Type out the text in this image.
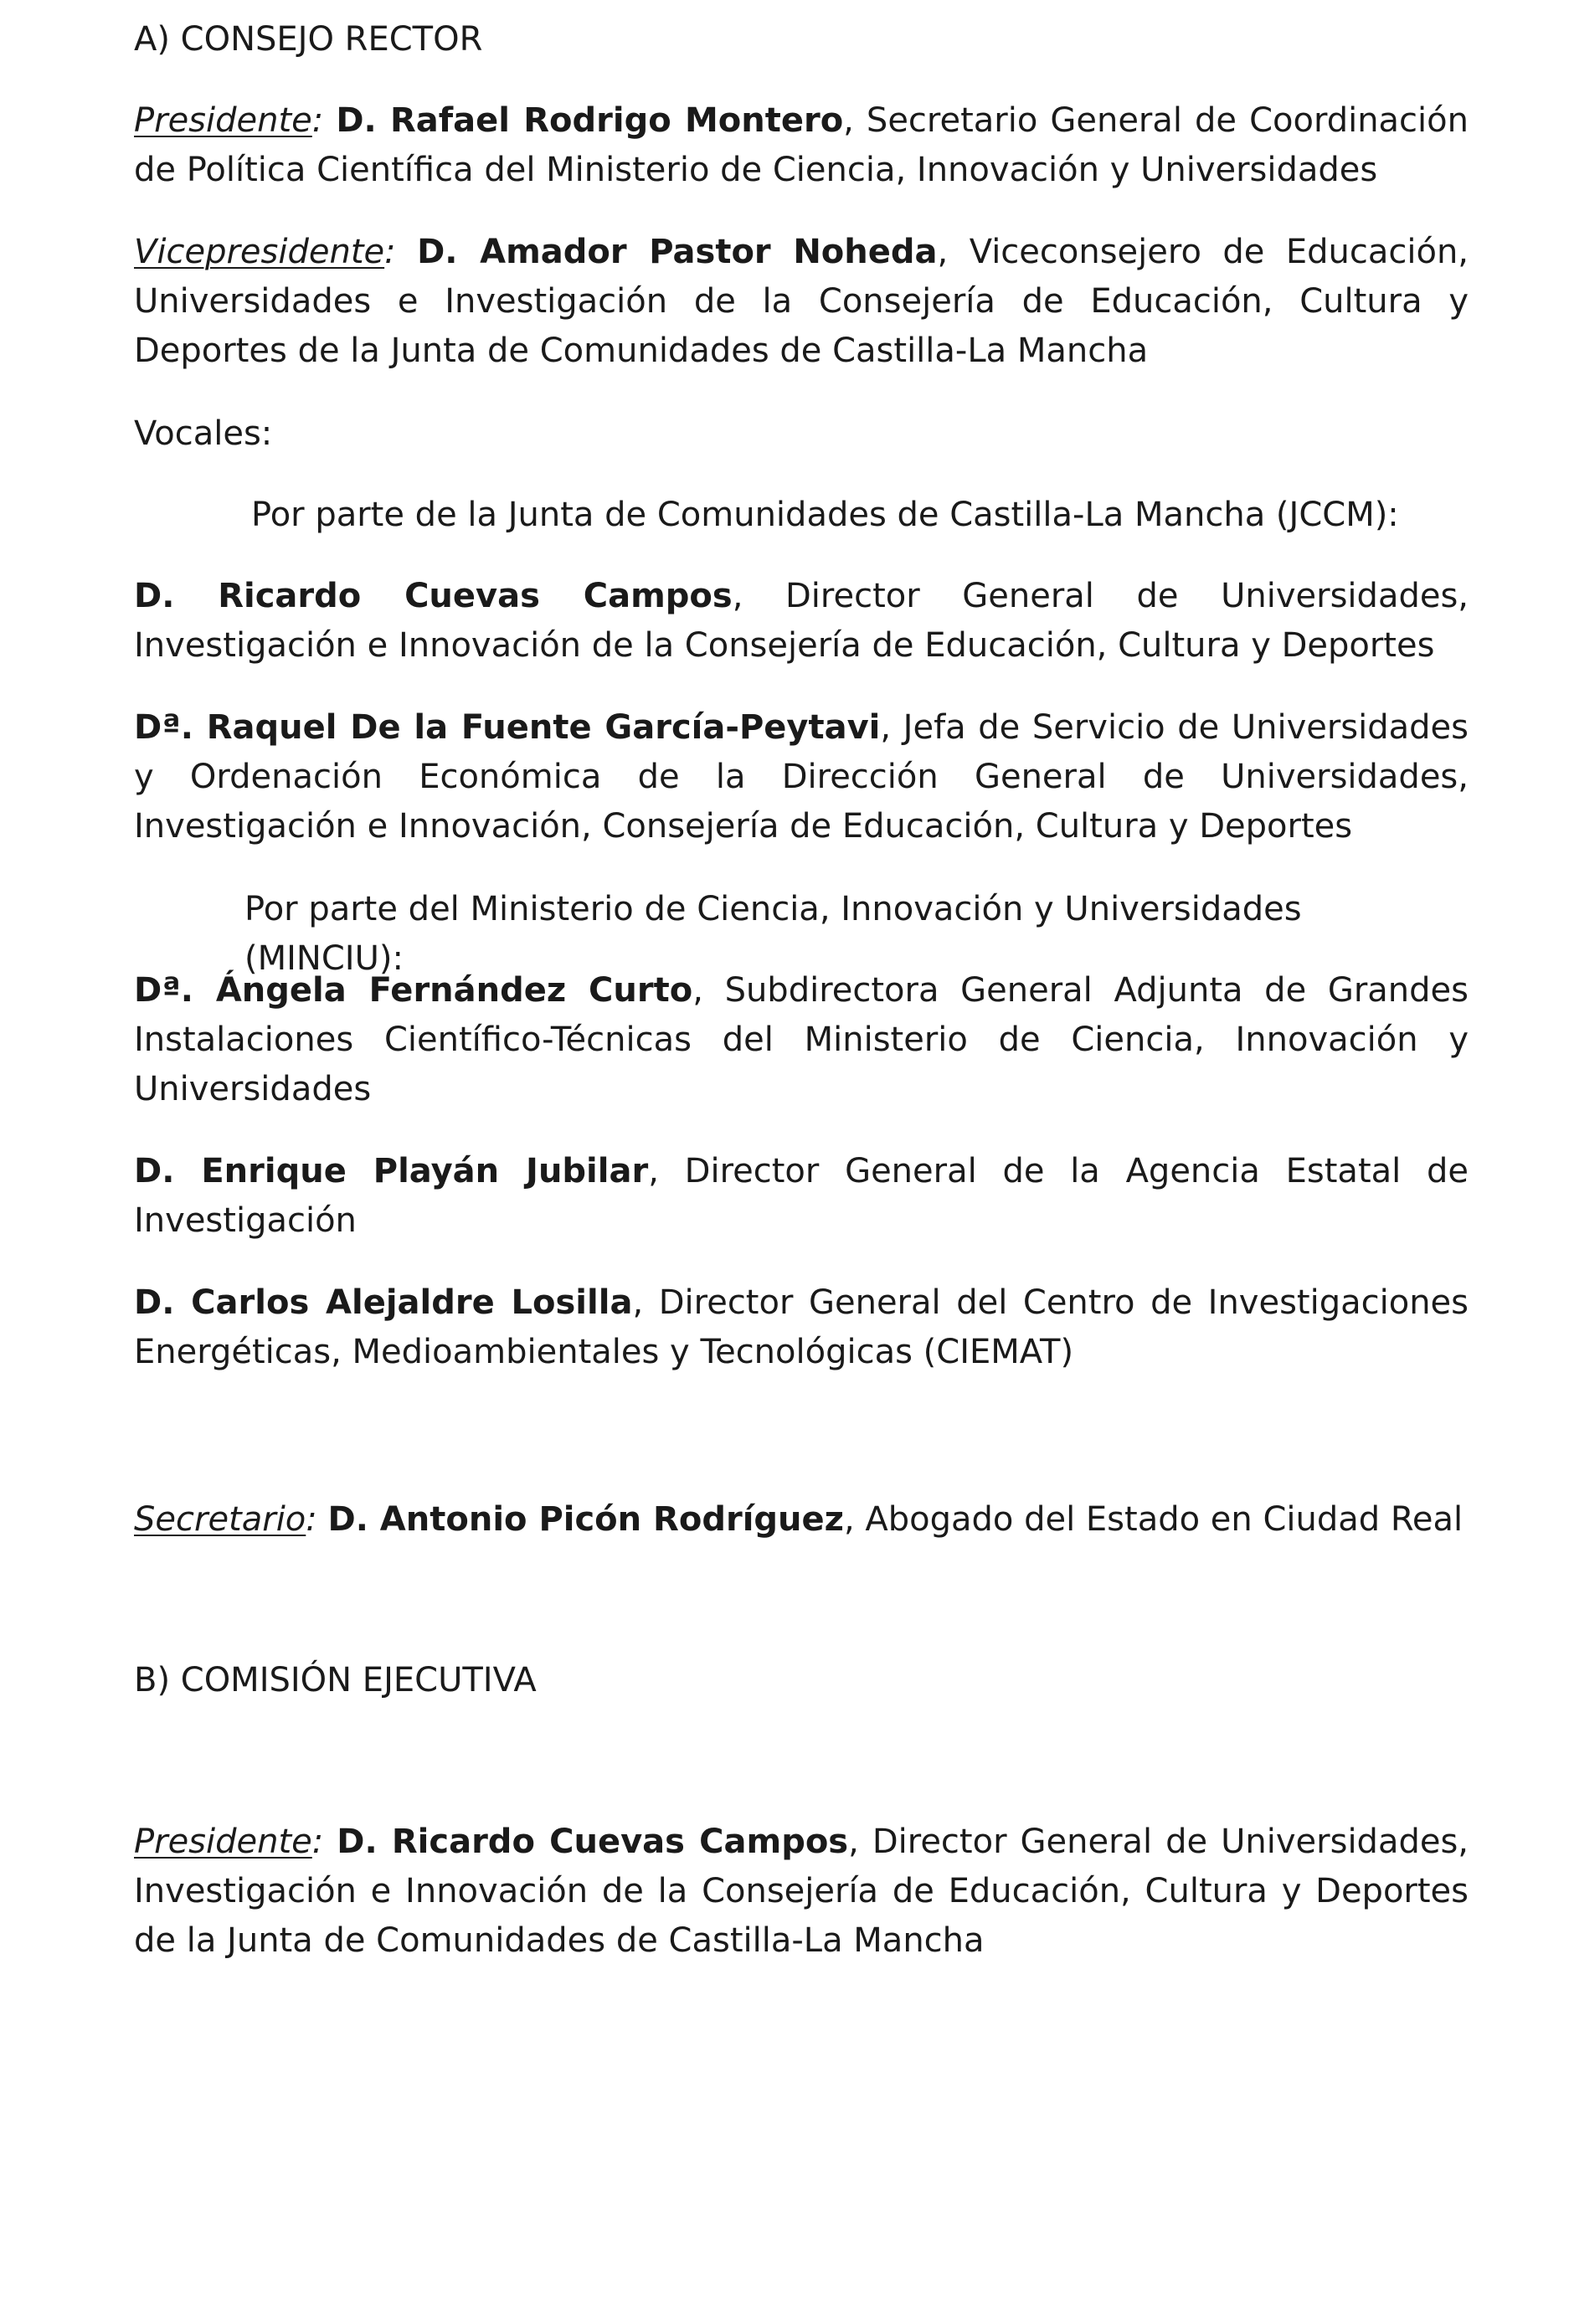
A) CONSEJO RECTOR

Presidente: D. Rafael Rodrigo Montero, Secretario General de Coordinación de Política Científica del Ministerio de Ciencia, Innovación y Universidades

Vicepresidente: D. Amador Pastor Noheda, Viceconsejero de Educación, Universidades e Investigación de la Consejería de Educación, Cultura y Deportes de la Junta de Comunidades de Castilla-La Mancha

Vocales:

Por parte de la Junta de Comunidades de Castilla-La Mancha (JCCM):

D. Ricardo Cuevas Campos, Director General de Universidades, Investigación e Innovación de la Consejería de Educación, Cultura y Deportes

Dª. Raquel De la Fuente García-Peytavi, Jefa de Servicio de Universidades y Ordenación Económica de la Dirección General de Universidades, Investigación e Innovación, Consejería de Educación, Cultura y Deportes

Por parte del Ministerio de Ciencia, Innovación y Universidades (MINCIU):

Dª. Ángela Fernández Curto, Subdirectora General Adjunta de Grandes Instalaciones Científico-Técnicas del Ministerio de Ciencia, Innovación y Universidades

D. Enrique Playán Jubilar, Director General de la Agencia Estatal de Investigación

D. Carlos Alejaldre Losilla, Director General del Centro de Investigaciones Energéticas, Medioambientales y Tecnológicas (CIEMAT)

Secretario: D. Antonio Picón Rodríguez, Abogado del Estado en Ciudad Real

B) COMISIÓN EJECUTIVA

Presidente: D. Ricardo Cuevas Campos, Director General de Universidades, Investigación e Innovación de la Consejería de Educación, Cultura y Deportes de la Junta de Comunidades de Castilla-La Mancha
